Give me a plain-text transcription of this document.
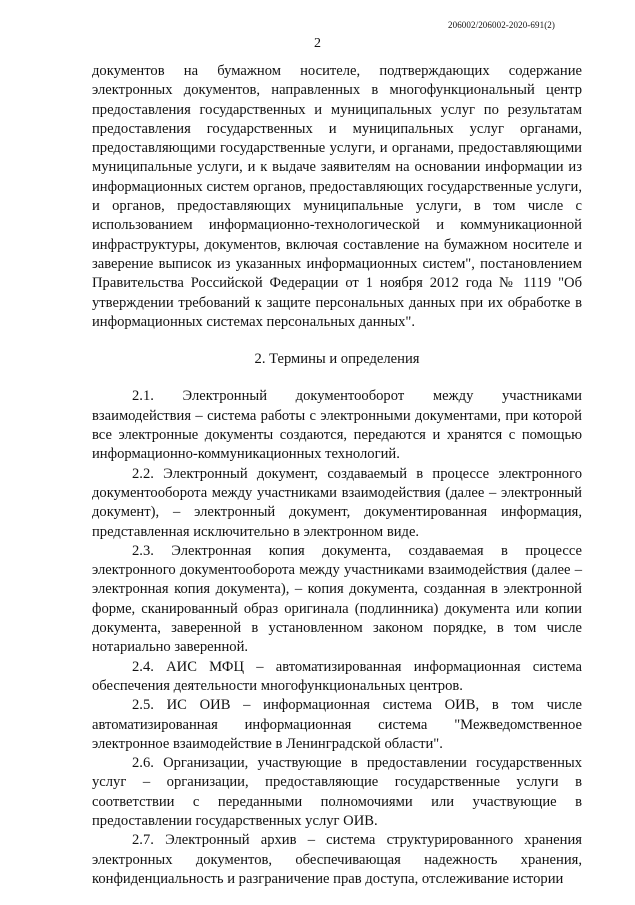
206002/206002-2020-691(2)
2

документов на бумажном носителе, подтверждающих содержание электронных документов, направленных в многофункциональный центр предоставления государственных и муниципальных услуг по результатам предоставления государственных и муниципальных услуг органами, предоставляющими государственные услуги, и органами, предоставляющими муниципальные услуги, и к выдаче заявителям на основании информации из информационных систем органов, предоставляющих государственные услуги, и органов, предоставляющих муниципальные услуги, в том числе с использованием информационно-технологической и коммуникационной инфраструктуры, документов, включая составление на бумажном носителе и заверение выписок из указанных информационных систем", постановлением Правительства Российской Федерации от 1 ноября 2012 года № 1119 "Об утверждении требований к защите персональных данных при их обработке в информационных системах персональных данных".

2. Термины и определения

2.1. Электронный документооборот между участниками взаимодействия – система работы с электронными документами, при которой все электронные документы создаются, передаются и хранятся с помощью информационно-коммуникационных технологий.

2.2. Электронный документ, создаваемый в процессе электронного документооборота между участниками взаимодействия (далее – электронный документ), – электронный документ, документированная информация, представленная исключительно в электронном виде.

2.3. Электронная копия документа, создаваемая в процессе электронного документооборота между участниками взаимодействия (далее – электронная копия документа), – копия документа, созданная в электронной форме, сканированный образ оригинала (подлинника) документа или копии документа, заверенной в установленном законом порядке, в том числе нотариально заверенной.

2.4. АИС МФЦ – автоматизированная информационная система обеспечения деятельности многофункциональных центров.

2.5. ИС ОИВ – информационная система ОИВ, в том числе автоматизированная информационная система "Межведомственное электронное взаимодействие в Ленинградской области".

2.6. Организации, участвующие в предоставлении государственных услуг – организации, предоставляющие государственные услуги в соответствии с переданными полномочиями или участвующие в предоставлении государственных услуг ОИВ.

2.7. Электронный архив – система структурированного хранения электронных документов, обеспечивающая надежность хранения, конфиденциальность и разграничение прав доступа, отслеживание истории
